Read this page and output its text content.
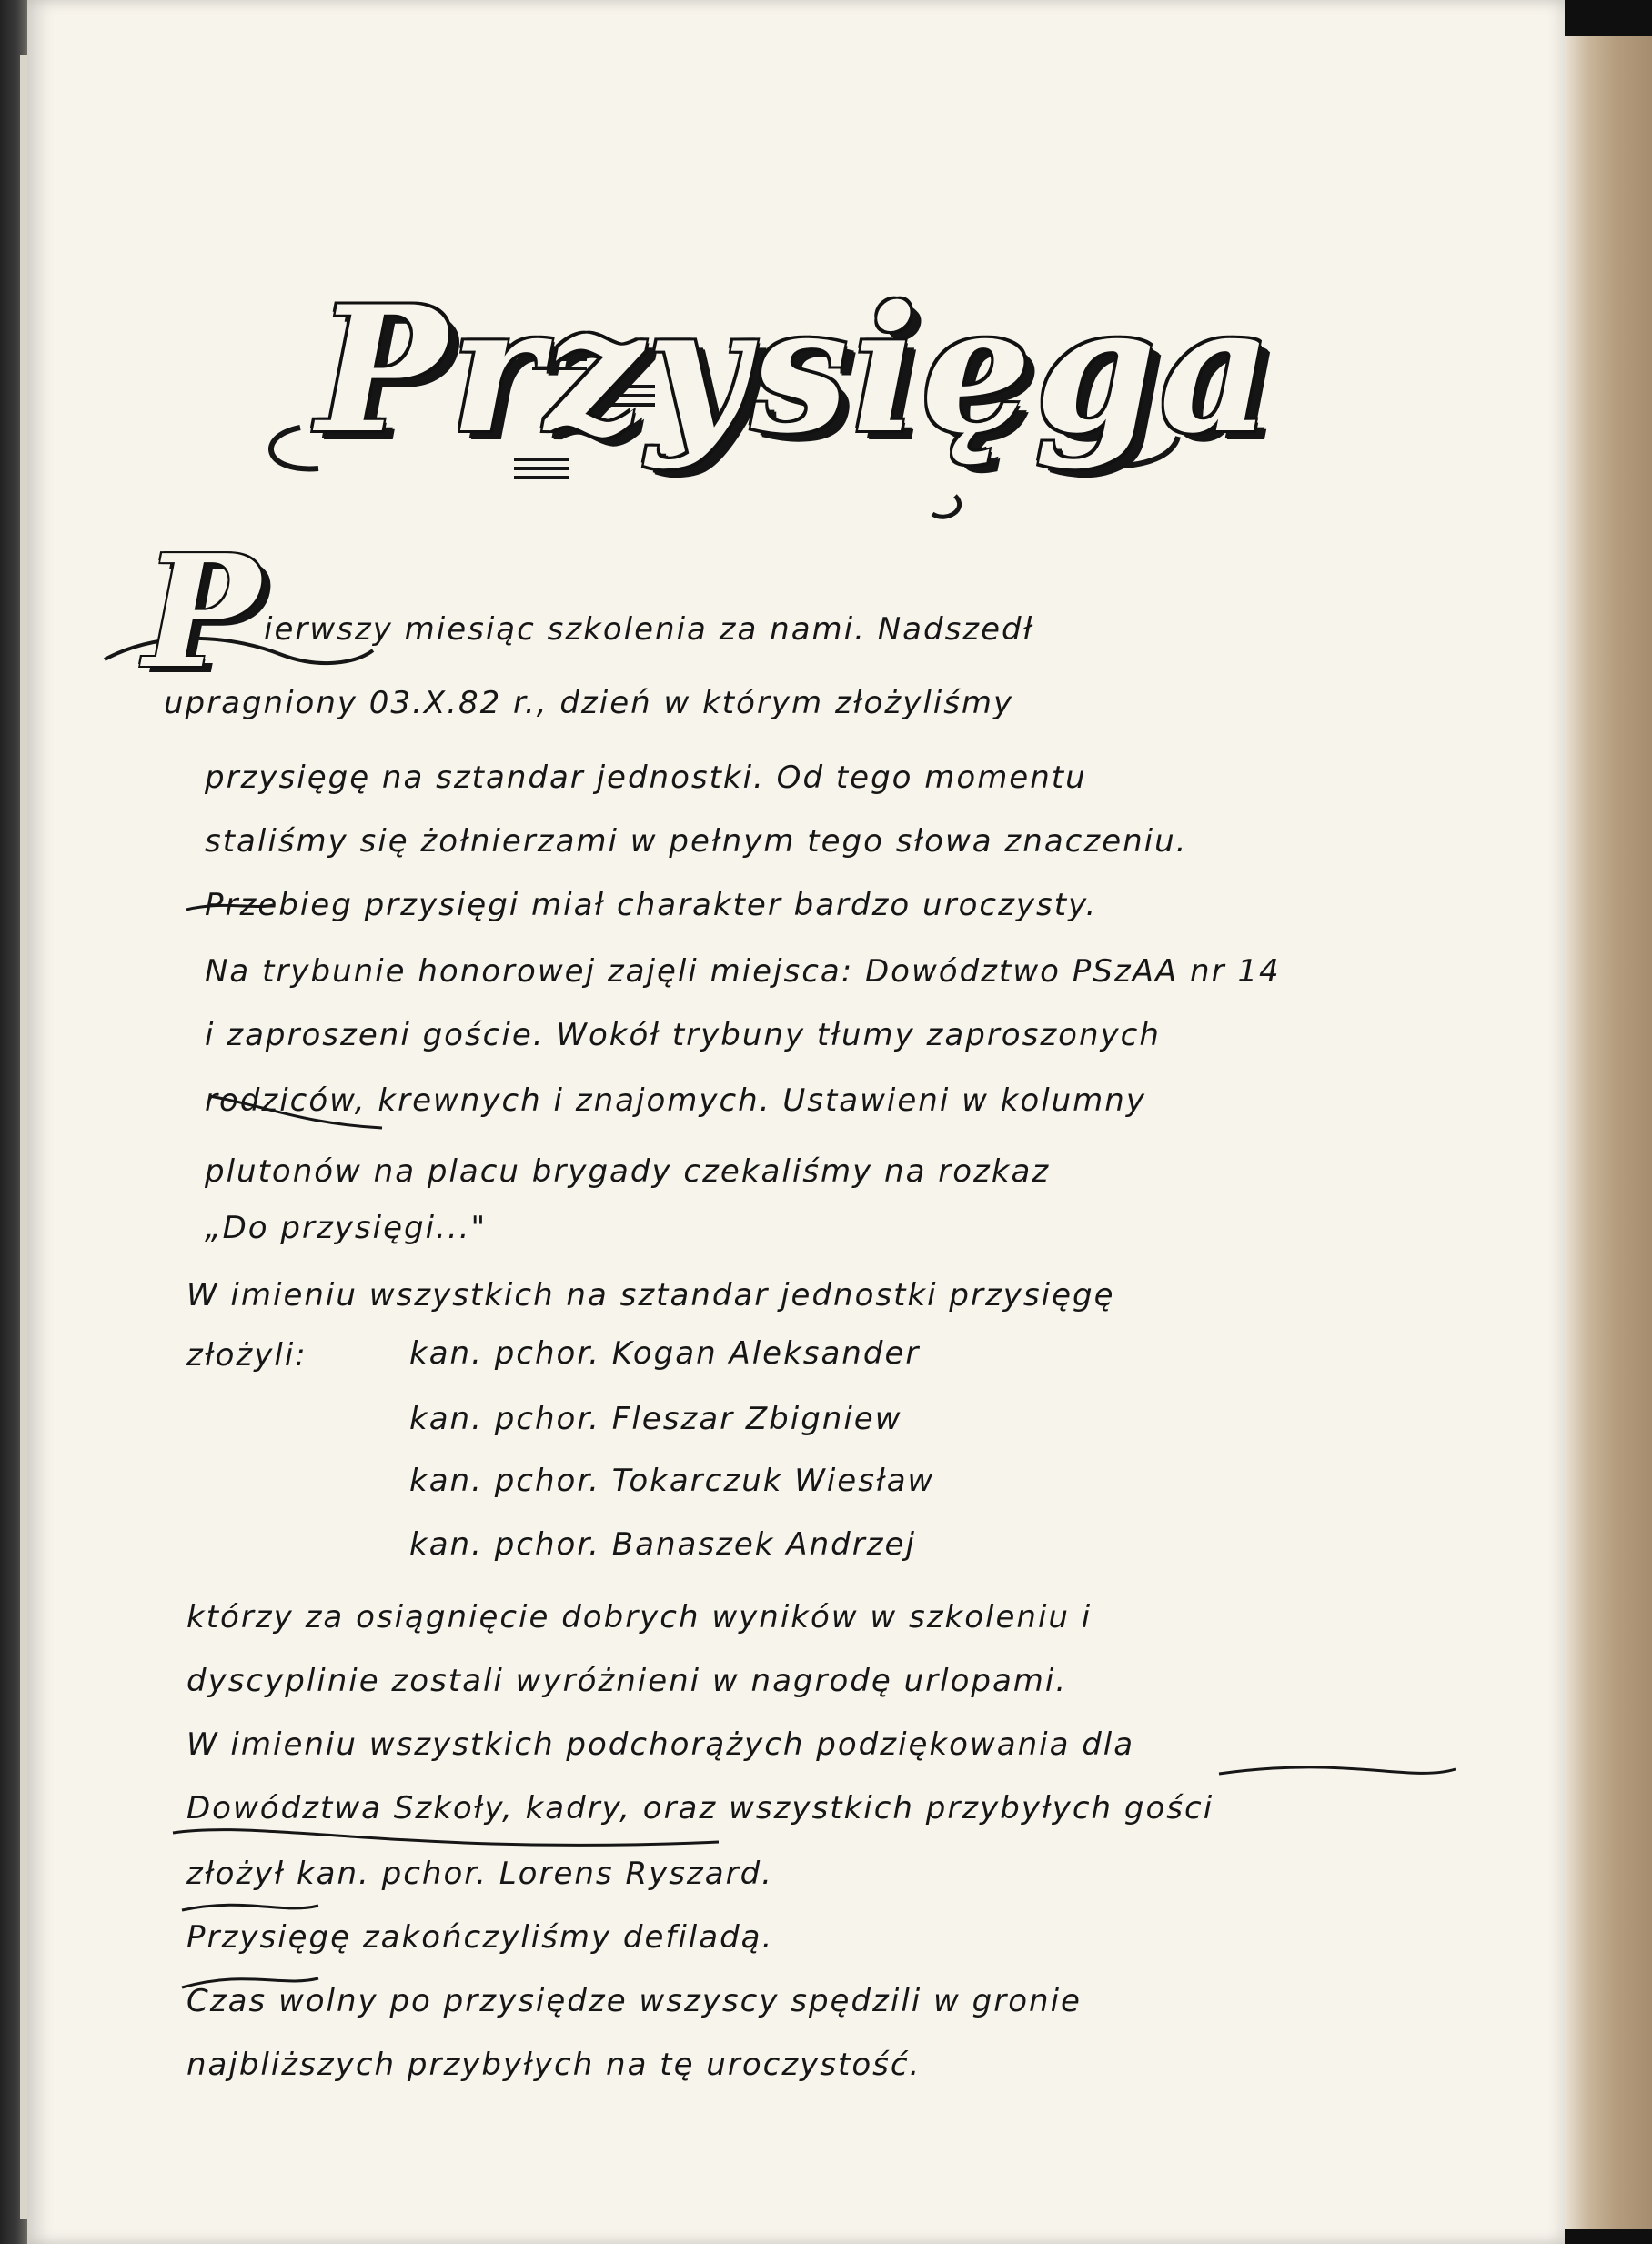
Przysięga
P ierwszy miesiąc szkolenia za nami. Nadszedł
upragniony 03.X.82 r., dzień w którym złożyliśmy
przysięgę na sztandar jednostki. Od tego momentu
staliśmy się żołnierzami w pełnym tego słowa znaczeniu.
Przebieg przysięgi miał charakter bardzo uroczysty.
Na trybunie honorowej zajęli miejsca: Dowództwo PSzAA nr 14
i zaproszeni goście. Wokół trybuny tłumy zaproszonych
rodziców, krewnych i znajomych. Ustawieni w kolumny
plutonów na placu brygady czekaliśmy na rozkaz
„Do przysięgi..."
W imieniu wszystkich na sztandar jednostki przysięgę
złożyli:	kan. pchor. Kogan Aleksander
kan. pchor. Fleszar Zbigniew
kan. pchor. Tokarczuk Wiesław
kan. pchor. Banaszek Andrzej
którzy za osiągnięcie dobrych wyników w szkoleniu i
dyscyplinie zostali wyróżnieni w nagrodę urlopami.
W imieniu wszystkich podchorążych podziękowania dla
Dowództwa Szkoły, kadry, oraz wszystkich przybyłych gości
złożył kan. pchor. Lorens Ryszard.
Przysięgę zakończyliśmy defiladą.
Czas wolny po przysiędze wszyscy spędzili w gronie
najbliższych przybyłych na tę uroczystość.
